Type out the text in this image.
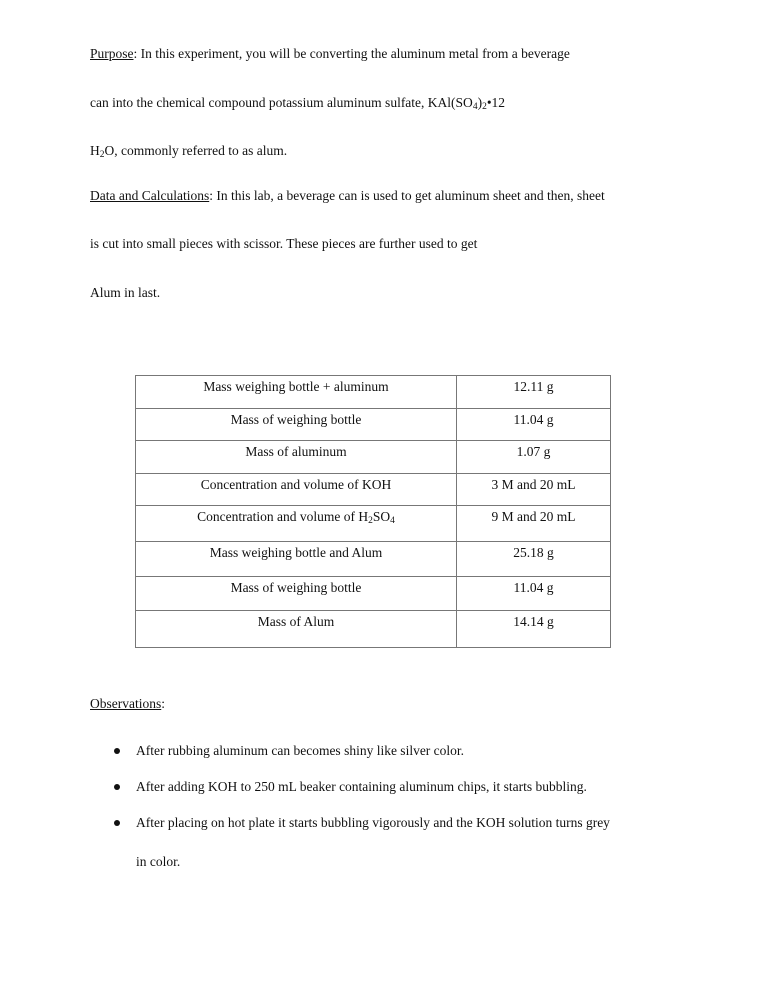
Purpose: In this experiment, you will be converting the aluminum metal from a beverage
can into the chemical compound potassium aluminum sulfate, $KAl(SO_4)_2•12$
$H_2O$, commonly referred to as alum.
Data and Calculations: In this lab, a beverage can is used to get aluminum sheet and then, sheet
is cut into small pieces with scissor. These pieces are further used to get
Alum in last.
Mass weighing bottle + aluminum	12.11 g
Mass of weighing bottle	11.04 g
Mass of aluminum	1.07 g
Concentration and volume of KOH	3 M and 20 mL
Concentration and volume of $H_2SO_4$	9 M and 20 mL
Mass weighing bottle and Alum	25.18 g
Mass of weighing bottle	11.04 g
Mass of Alum	14.14 g
Observations:
After rubbing aluminum can becomes shiny like silver color.
After adding KOH to 250 mL beaker containing aluminum chips, it starts bubbling.
After placing on hot plate it starts bubbling vigorously and the KOH solution turns grey
in color.
